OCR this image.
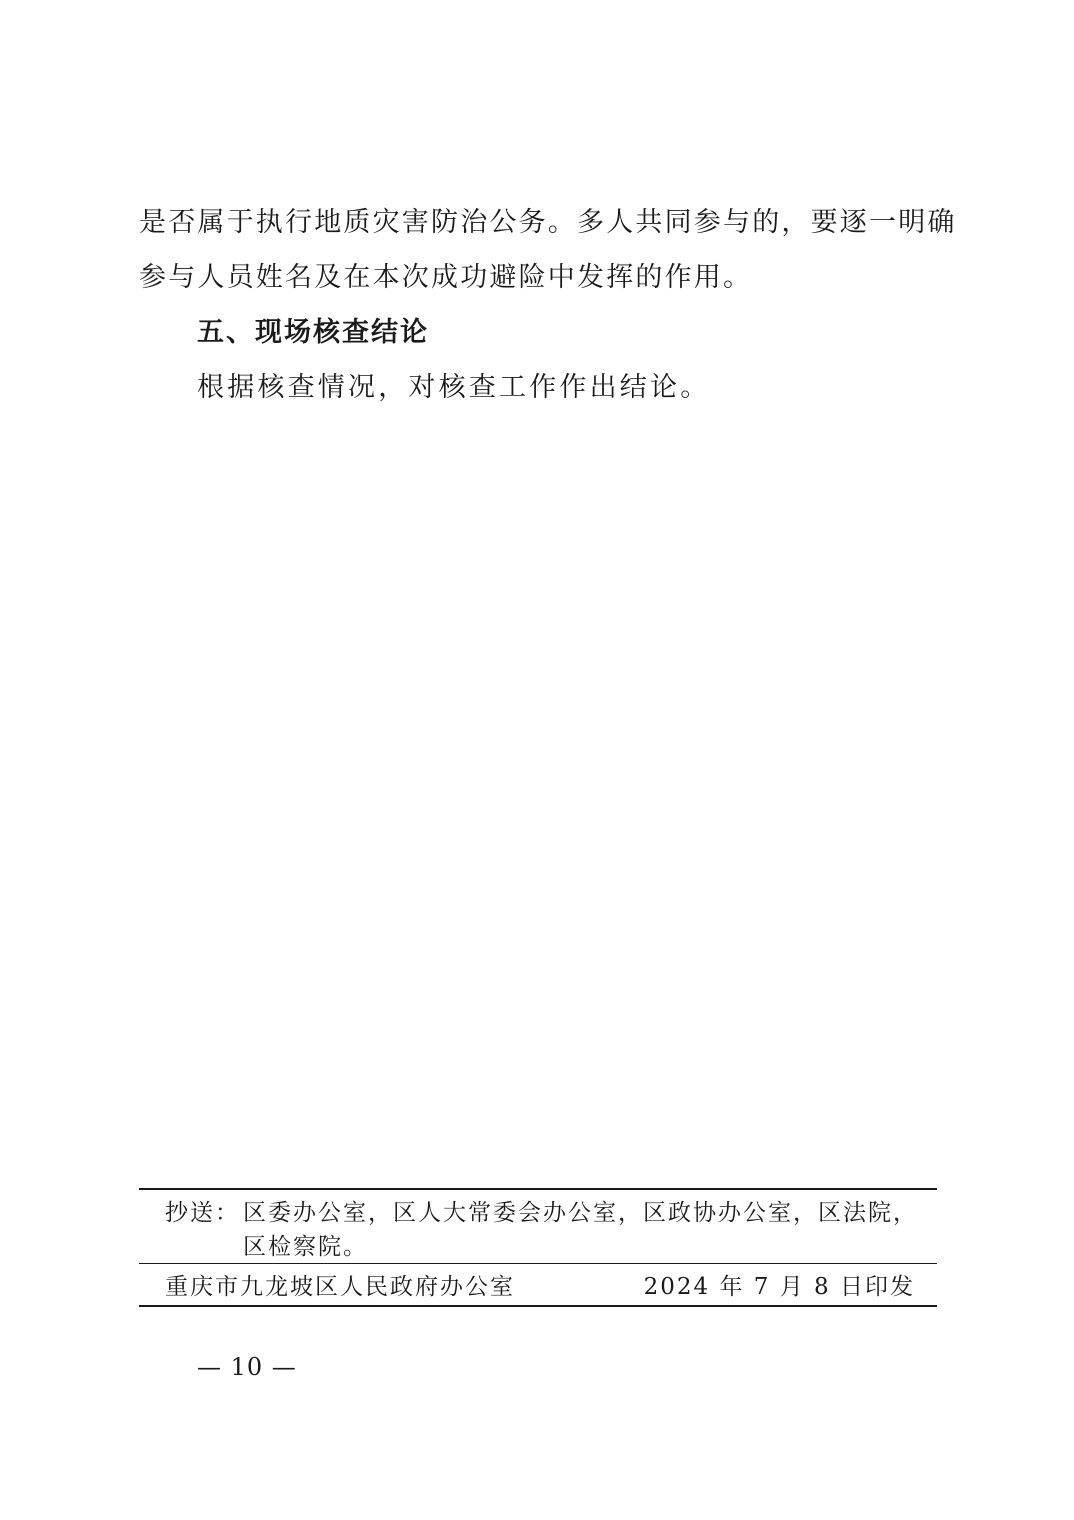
是否属于执行地质灾害防治公务。多人共同参与的，要逐一明确
参与人员姓名及在本次成功避险中发挥的作用。
五、现场核查结论
根据核查情况，对核查工作作出结论。
抄送： 区委办公室，区人大常委会办公室，区政协办公室，区法院，
区检察院。
重庆市九龙坡区人民政府办公室	2024 年 7 月 8 日印发
— 10 —
